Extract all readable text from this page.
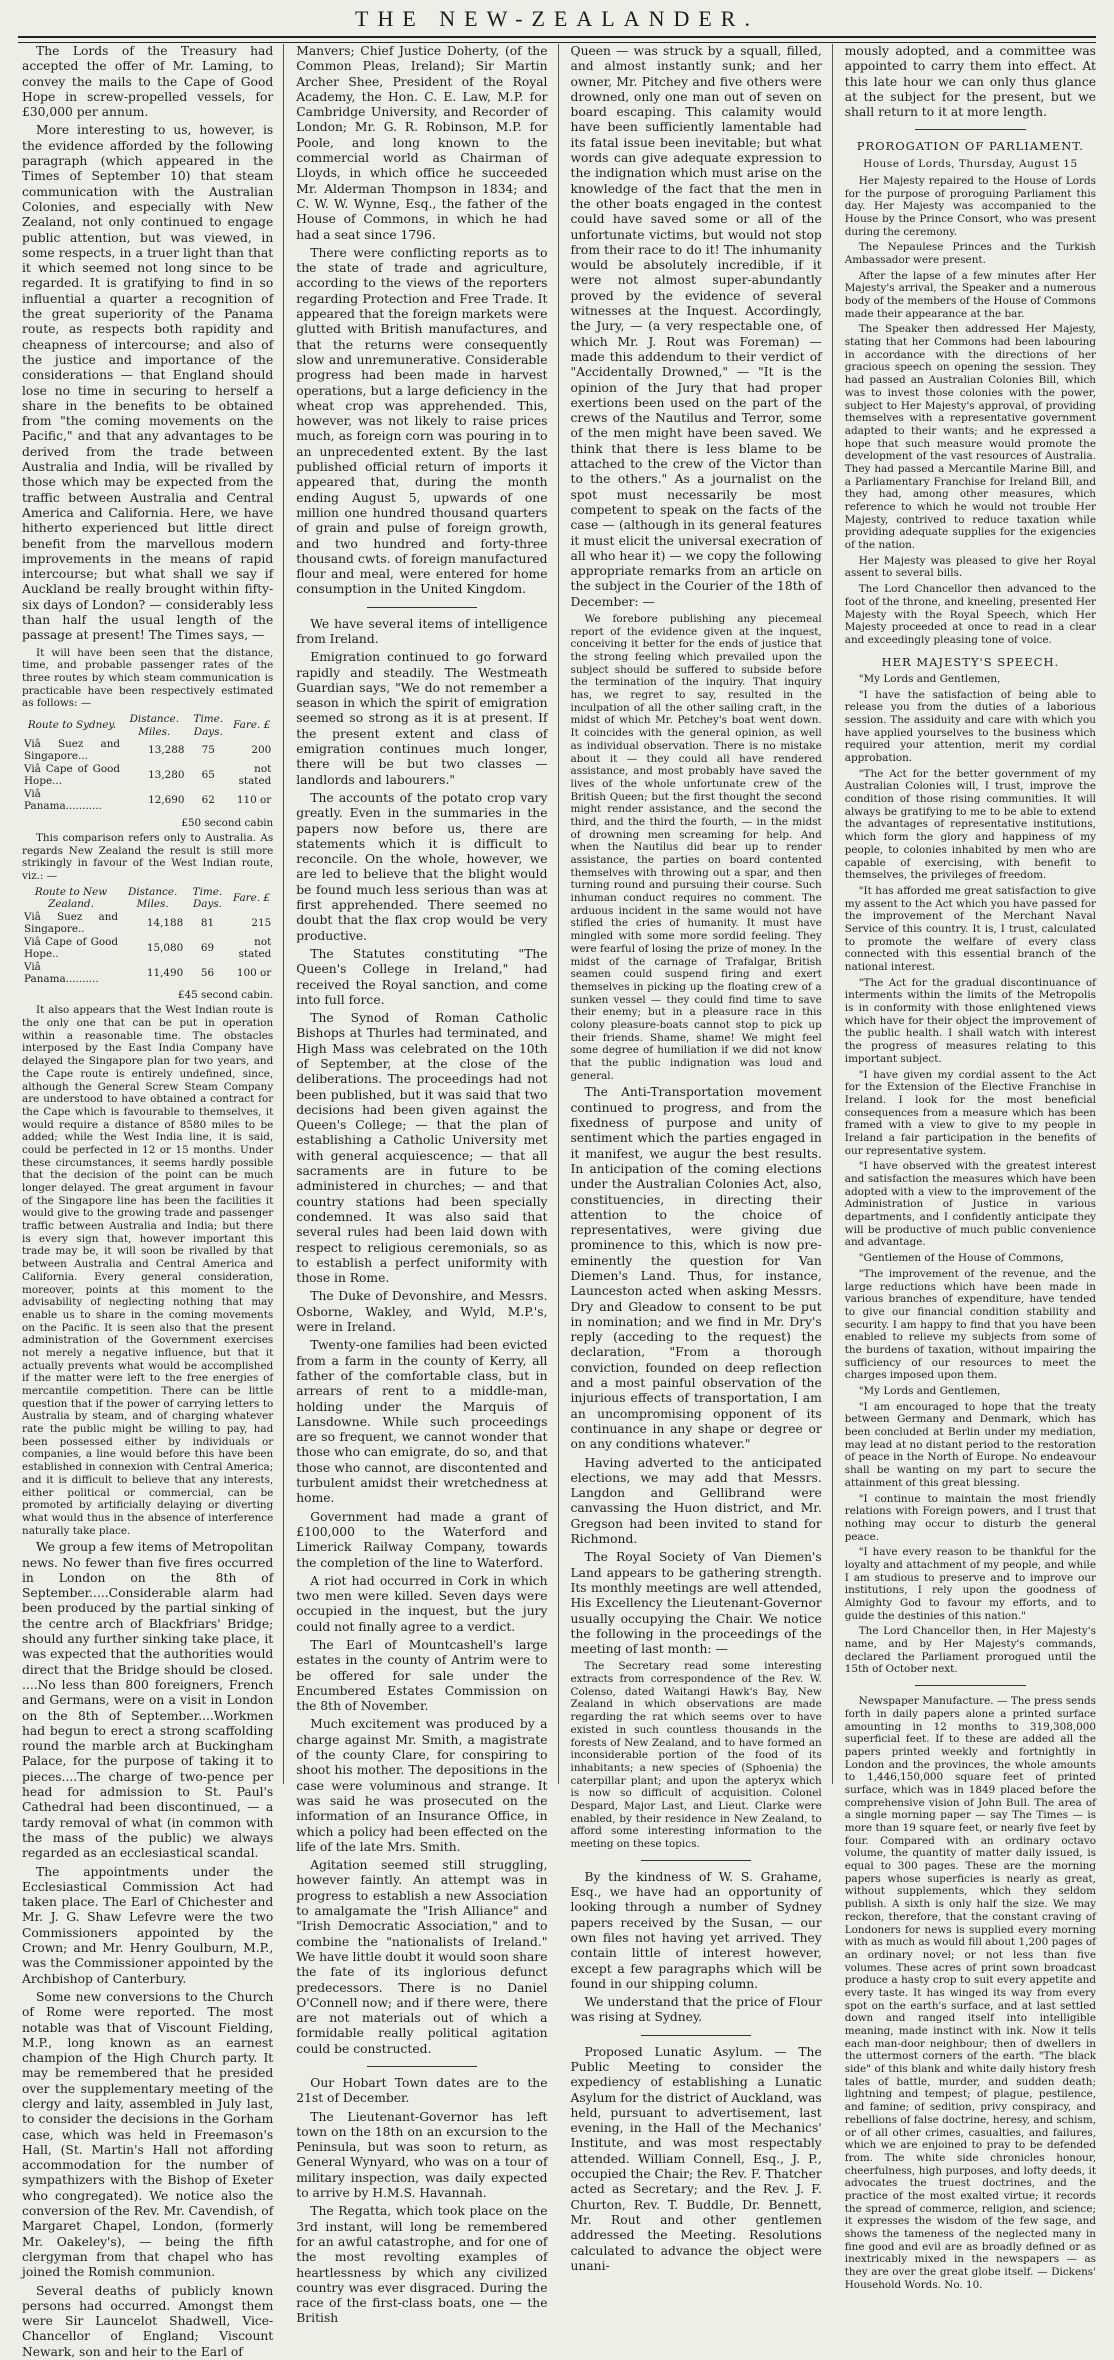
THE NEW-ZEALANDER.

The Lords of the Treasury had accepted the offer of Mr. Laming, to convey the mails to the Cape of Good Hope in screw-propelled vessels, for £30,000 per annum.

More interesting to us, however, is the evidence afforded by the following paragraph (which appeared in the Times of September 10) that steam communication with the Australian Colonies, and especially with New Zealand, not only continued to engage public attention, but was viewed, in some respects, in a truer light than that it which seemed not long since to be regarded. It is gratifying to find in so influential a quarter a recognition of the great superiority of the Panama route, as respects both rapidity and cheapness of intercourse; and also of the justice and importance of the considerations — that England should lose no time in securing to herself a share in the benefits to be obtained from "the coming movements on the Pacific," and that any advantages to be derived from the trade between Australia and India, will be rivalled by those which may be expected from the traffic between Australia and Central America and California. Here, we have hitherto experienced but little direct benefit from the marvellous modern improvements in the means of rapid intercourse; but what shall we say if Auckland be really brought within fifty-six days of London? — considerably less than half the usual length of the passage at present! The Times says, —

It will have been seen that the distance, time, and probable passenger rates of the three routes by which steam communication is practicable have been respectively estimated as follows: —

Route to Sydney.	Distance. Miles.	Time. Days.	Fare. £
Viâ Suez and Singapore...	13,288	75	200
Viâ Cape of Good Hope...	13,280	65	not stated
Viâ Panama...........	12,690	62	110 or
£50 second cabin

This comparison refers only to Australia. As regards New Zealand the result is still more strikingly in favour of the West Indian route, viz.: —

Route to New Zealand.	Distance. Miles.	Time. Days.	Fare. £
Viâ Suez and Singapore..	14,188	81	215
Viâ Cape of Good Hope..	15,080	69	not stated
Viâ Panama..........	11,490	56	100 or
£45 second cabin.

It also appears that the West Indian route is the only one that can be put in operation within a reasonable time. The obstacles interposed by the East India Company have delayed the Singapore plan for two years, and the Cape route is entirely undefined, since, although the General Screw Steam Company are understood to have obtained a contract for the Cape which is favourable to themselves, it would require a distance of 8580 miles to be added; while the West India line, it is said, could be perfected in 12 or 15 months. Under these circumstances, it seems hardly possible that the decision of the point can be much longer delayed. The great argument in favour of the Singapore line has been the facilities it would give to the growing trade and passenger traffic between Australia and India; but there is every sign that, however important this trade may be, it will soon be rivalled by that between Australia and Central America and California. Every general consideration, moreover, points at this moment to the advisability of neglecting nothing that may enable us to share in the coming movements on the Pacific. It is seen also that the present administration of the Government exercises not merely a negative influence, but that it actually prevents what would be accomplished if the matter were left to the free energies of mercantile competition. There can be little question that if the power of carrying letters to Australia by steam, and of charging whatever rate the public might be willing to pay, had been possessed either by individuals or companies, a line would before this have been established in connexion with Central America; and it is difficult to believe that any interests, either political or commercial, can be promoted by artificially delaying or diverting what would thus in the absence of interference naturally take place.

We group a few items of Metropolitan news. No fewer than five fires occurred in London on the 8th of September.....Considerable alarm had been produced by the partial sinking of the centre arch of Blackfriars' Bridge; should any further sinking take place, it was expected that the authorities would direct that the Bridge should be closed. ....No less than 800 foreigners, French and Germans, were on a visit in London on the 8th of September....Workmen had begun to erect a strong scaffolding round the marble arch at Buckingham Palace, for the purpose of taking it to pieces....The charge of two-pence per head for admission to St. Paul's Cathedral had been discontinued, — a tardy removal of what (in common with the mass of the public) we always regarded as an ecclesiastical scandal.

The appointments under the Ecclesiastical Commission Act had taken place. The Earl of Chichester and Mr. J. G. Shaw Lefevre were the two Commissioners appointed by the Crown; and Mr. Henry Goulburn, M.P., was the Commissioner appointed by the Archbishop of Canterbury.

Some new conversions to the Church of Rome were reported. The most notable was that of Viscount Fielding, M.P., long known as an earnest champion of the High Church party. It may be remembered that he presided over the supplementary meeting of the clergy and laity, assembled in July last, to consider the decisions in the Gorham case, which was held in Freemason's Hall, (St. Martin's Hall not affording accommodation for the number of sympathizers with the Bishop of Exeter who congregated). We notice also the conversion of the Rev. Mr. Cavendish, of Margaret Chapel, London, (formerly Mr. Oakeley's), — being the fifth clergyman from that chapel who has joined the Romish communion.

Several deaths of publicly known persons had occurred. Amongst them were Sir Launcelot Shadwell, Vice-Chancellor of England; Viscount Newark, son and heir to the Earl of

Manvers; Chief Justice Doherty, (of the Common Pleas, Ireland); Sir Martin Archer Shee, President of the Royal Academy, the Hon. C. E. Law, M.P. for Cambridge University, and Recorder of London; Mr. G. R. Robinson, M.P. for Poole, and long known to the commercial world as Chairman of Lloyds, in which office he succeeded Mr. Alderman Thompson in 1834; and C. W. W. Wynne, Esq., the father of the House of Commons, in which he had had a seat since 1796.

There were conflicting reports as to the state of trade and agriculture, according to the views of the reporters regarding Protection and Free Trade. It appeared that the foreign markets were glutted with British manufactures, and that the returns were consequently slow and unremunerative. Considerable progress had been made in harvest operations, but a large deficiency in the wheat crop was apprehended. This, however, was not likely to raise prices much, as foreign corn was pouring in to an unprecedented extent. By the last published official return of imports it appeared that, during the month ending August 5, upwards of one million one hundred thousand quarters of grain and pulse of foreign growth, and two hundred and forty-three thousand cwts. of foreign manufactured flour and meal, were entered for home consumption in the United Kingdom.

We have several items of intelligence from Ireland.

Emigration continued to go forward rapidly and steadily. The Westmeath Guardian says, "We do not remember a season in which the spirit of emigration seemed so strong as it is at present. If the present extent and class of emigration continues much longer, there will be but two classes — landlords and labourers."

The accounts of the potato crop vary greatly. Even in the summaries in the papers now before us, there are statements which it is difficult to reconcile. On the whole, however, we are led to believe that the blight would be found much less serious than was at first apprehended. There seemed no doubt that the flax crop would be very productive.

The Statutes constituting "The Queen's College in Ireland," had received the Royal sanction, and come into full force.

The Synod of Roman Catholic Bishops at Thurles had terminated, and High Mass was celebrated on the 10th of September, at the close of the deliberations. The proceedings had not been published, but it was said that two decisions had been given against the Queen's College; — that the plan of establishing a Catholic University met with general acquiescence; — that all sacraments are in future to be administered in churches; — and that country stations had been specially condemned. It was also said that several rules had been laid down with respect to religious ceremonials, so as to establish a perfect uniformity with those in Rome.

The Duke of Devonshire, and Messrs. Osborne, Wakley, and Wyld, M.P.'s, were in Ireland.

Twenty-one families had been evicted from a farm in the county of Kerry, all father of the comfortable class, but in arrears of rent to a middle-man, holding under the Marquis of Lansdowne. While such proceedings are so frequent, we cannot wonder that those who can emigrate, do so, and that those who cannot, are discontented and turbulent amidst their wretchedness at home.

Government had made a grant of £100,000 to the Waterford and Limerick Railway Company, towards the completion of the line to Waterford.

A riot had occurred in Cork in which two men were killed. Seven days were occupied in the inquest, but the jury could not finally agree to a verdict.

The Earl of Mountcashell's large estates in the county of Antrim were to be offered for sale under the Encumbered Estates Commission on the 8th of November.

Much excitement was produced by a charge against Mr. Smith, a magistrate of the county Clare, for conspiring to shoot his mother. The depositions in the case were voluminous and strange. It was said he was prosecuted on the information of an Insurance Office, in which a policy had been effected on the life of the late Mrs. Smith.

Agitation seemed still struggling, however faintly. An attempt was in progress to establish a new Association to amalgamate the "Irish Alliance" and "Irish Democratic Association," and to combine the "nationalists of Ireland." We have little doubt it would soon share the fate of its inglorious defunct predecessors. There is no Daniel O'Connell now; and if there were, there are not materials out of which a formidable really political agitation could be constructed.

Our Hobart Town dates are to the 21st of December.

The Lieutenant-Governor has left town on the 18th on an excursion to the Peninsula, but was soon to return, as General Wynyard, who was on a tour of military inspection, was daily expected to arrive by H.M.S. Havannah.

The Regatta, which took place on the 3rd instant, will long be remembered for an awful catastrophe, and for one of the most revolting examples of heartlessness by which any civilized country was ever disgraced. During the race of the first-class boats, one — the British

Queen — was struck by a squall, filled, and almost instantly sunk; and her owner, Mr. Pitchey and five others were drowned, only one man out of seven on board escaping. This calamity would have been sufficiently lamentable had its fatal issue been inevitable; but what words can give adequate expression to the indignation which must arise on the knowledge of the fact that the men in the other boats engaged in the contest could have saved some or all of the unfortunate victims, but would not stop from their race to do it! The inhumanity would be absolutely incredible, if it were not almost super-abundantly proved by the evidence of several witnesses at the Inquest. Accordingly, the Jury, — (a very respectable one, of which Mr. J. Rout was Foreman) — made this addendum to their verdict of "Accidentally Drowned," — "It is the opinion of the Jury that had proper exertions been used on the part of the crews of the Nautilus and Terror, some of the men might have been saved. We think that there is less blame to be attached to the crew of the Victor than to the others." As a journalist on the spot must necessarily be most competent to speak on the facts of the case — (although in its general features it must elicit the universal execration of all who hear it) — we copy the following appropriate remarks from an article on the subject in the Courier of the 18th of December: —

We forebore publishing any piecemeal report of the evidence given at the inquest, conceiving it better for the ends of justice that the strong feeling which prevailed upon the subject should be suffered to subside before the termination of the inquiry. That inquiry has, we regret to say, resulted in the inculpation of all the other sailing craft, in the midst of which Mr. Petchey's boat went down. It coincides with the general opinion, as well as individual observation. There is no mistake about it — they could all have rendered assistance, and most probably have saved the lives of the whole unfortunate crew of the British Queen; but the first thought the second might render assistance, and the second the third, and the third the fourth, — in the midst of drowning men screaming for help. And when the Nautilus did bear up to render assistance, the parties on board contented themselves with throwing out a spar, and then turning round and pursuing their course. Such inhuman conduct requires no comment. The arduous incident in the same would not have stifled the cries of humanity. It must have mingled with some more sordid feeling. They were fearful of losing the prize of money. In the midst of the carnage of Trafalgar, British seamen could suspend firing and exert themselves in picking up the floating crew of a sunken vessel — they could find time to save their enemy; but in a pleasure race in this colony pleasure-boats cannot stop to pick up their friends. Shame, shame! We might feel some degree of humiliation if we did not know that the public indignation was loud and general.

The Anti-Transportation movement continued to progress, and from the fixedness of purpose and unity of sentiment which the parties engaged in it manifest, we augur the best results. In anticipation of the coming elections under the Australian Colonies Act, also, constituencies, in directing their attention to the choice of representatives, were giving due prominence to this, which is now pre-eminently the question for Van Diemen's Land. Thus, for instance, Launceston acted when asking Messrs. Dry and Gleadow to consent to be put in nomination; and we find in Mr. Dry's reply (acceding to the request) the declaration, "From a thorough conviction, founded on deep reflection and a most painful observation of the injurious effects of transportation, I am an uncompromising opponent of its continuance in any shape or degree or on any conditions whatever."

Having adverted to the anticipated elections, we may add that Messrs. Langdon and Gellibrand were canvassing the Huon district, and Mr. Gregson had been invited to stand for Richmond.

The Royal Society of Van Diemen's Land appears to be gathering strength. Its monthly meetings are well attended, His Excellency the Lieutenant-Governor usually occupying the Chair. We notice the following in the proceedings of the meeting of last month: —

The Secretary read some interesting extracts from correspondence of the Rev. W. Colenso, dated Waitangi Hawk's Bay, New Zealand in which observations are made regarding the rat which seems over to have existed in such countless thousands in the forests of New Zealand, and to have formed an inconsiderable portion of the food of its inhabitants; a new species of (Sphoenia) the caterpillar plant; and upon the apteryx which is now so difficult of acquisition. Colonel Despard, Major Last, and Lieut. Clarke were enabled, by their residence in New Zealand, to afford some interesting information to the meeting on these topics.

By the kindness of W. S. Grahame, Esq., we have had an opportunity of looking through a number of Sydney papers received by the Susan, — our own files not having yet arrived. They contain little of interest however, except a few paragraphs which will be found in our shipping column.

We understand that the price of Flour was rising at Sydney.

Proposed Lunatic Asylum. — The Public Meeting to consider the expediency of establishing a Lunatic Asylum for the district of Auckland, was held, pursuant to advertisement, last evening, in the Hall of the Mechanics' Institute, and was most respectably attended. William Connell, Esq., J. P., occupied the Chair; the Rev. F. Thatcher acted as Secretary; and the Rev. J. F. Churton, Rev. T. Buddle, Dr. Bennett, Mr. Rout and other gentlemen addressed the Meeting. Resolutions calculated to advance the object were unani-

mously adopted, and a committee was appointed to carry them into effect. At this late hour we can only thus glance at the subject for the present, but we shall return to it at more length.

PROROGATION OF PARLIAMENT.
House of Lords, Thursday, August 15

Her Majesty repaired to the House of Lords for the purpose of proroguing Parliament this day. Her Majesty was accompanied to the House by the Prince Consort, who was present during the ceremony.

The Nepaulese Princes and the Turkish Ambassador were present.

After the lapse of a few minutes after Her Majesty's arrival, the Speaker and a numerous body of the members of the House of Commons made their appearance at the bar.

The Speaker then addressed Her Majesty, stating that her Commons had been labouring in accordance with the directions of her gracious speech on opening the session. They had passed an Australian Colonies Bill, which was to invest those colonies with the power, subject to Her Majesty's approval, of providing themselves with a representative government adapted to their wants; and he expressed a hope that such measure would promote the development of the vast resources of Australia. They had passed a Mercantile Marine Bill, and a Parliamentary Franchise for Ireland Bill, and they had, among other measures, which reference to which he would not trouble Her Majesty, contrived to reduce taxation while providing adequate supplies for the exigencies of the nation.

Her Majesty was pleased to give her Royal assent to several bills.

The Lord Chancellor then advanced to the foot of the throne, and kneeling, presented Her Majesty with the Royal Speech, which Her Majesty proceeded at once to read in a clear and exceedingly pleasing tone of voice.

HER MAJESTY'S SPEECH.

"My Lords and Gentlemen,

"I have the satisfaction of being able to release you from the duties of a laborious session. The assiduity and care with which you have applied yourselves to the business which required your attention, merit my cordial approbation.

"The Act for the better government of my Australian Colonies will, I trust, improve the condition of those rising communities. It will always be gratifying to me to be able to extend the advantages of representative institutions, which form the glory and happiness of my people, to colonies inhabited by men who are capable of exercising, with benefit to themselves, the privileges of freedom.

"It has afforded me great satisfaction to give my assent to the Act which you have passed for the improvement of the Merchant Naval Service of this country. It is, I trust, calculated to promote the welfare of every class connected with this essential branch of the national interest.

"The Act for the gradual discontinuance of interments within the limits of the Metropolis is in conformity with those enlightened views which have for their object the improvement of the public health. I shall watch with interest the progress of measures relating to this important subject.

"I have given my cordial assent to the Act for the Extension of the Elective Franchise in Ireland. I look for the most beneficial consequences from a measure which has been framed with a view to give to my people in Ireland a fair participation in the benefits of our representative system.

"I have observed with the greatest interest and satisfaction the measures which have been adopted with a view to the improvement of the Administration of Justice in various departments, and I confidently anticipate they will be productive of much public convenience and advantage.

"Gentlemen of the House of Commons,

"The improvement of the revenue, and the large reductions which have been made in various branches of expenditure, have tended to give our financial condition stability and security. I am happy to find that you have been enabled to relieve my subjects from some of the burdens of taxation, without impairing the sufficiency of our resources to meet the charges imposed upon them.

"My Lords and Gentlemen,

"I am encouraged to hope that the treaty between Germany and Denmark, which has been concluded at Berlin under my mediation, may lead at no distant period to the restoration of peace in the North of Europe. No endeavour shall be wanting on my part to secure the attainment of this great blessing.

"I continue to maintain the most friendly relations with Foreign powers, and I trust that nothing may occur to disturb the general peace.

"I have every reason to be thankful for the loyalty and attachment of my people, and while I am studious to preserve and to improve our institutions, I rely upon the goodness of Almighty God to favour my efforts, and to guide the destinies of this nation."

The Lord Chancellor then, in Her Majesty's name, and by Her Majesty's commands, declared the Parliament prorogued until the 15th of October next.

Newspaper Manufacture. — The press sends forth in daily papers alone a printed surface amounting in 12 months to 319,308,000 superficial feet. If to these are added all the papers printed weekly and fortnightly in London and the provinces, the whole amounts to 1,446,150,000 square feet of printed surface, which was in 1849 placed before the comprehensive vision of John Bull. The area of a single morning paper — say The Times — is more than 19 square feet, or nearly five feet by four. Compared with an ordinary octavo volume, the quantity of matter daily issued, is equal to 300 pages. These are the morning papers whose superficies is nearly as great, without supplements, which they seldom publish. A sixth is only half the size. We may reckon, therefore, that the constant craving of Londoners for news is supplied every morning with as much as would fill about 1,200 pages of an ordinary novel; or not less than five volumes. These acres of print sown broadcast produce a hasty crop to suit every appetite and every taste. It has winged its way from every spot on the earth's surface, and at last settled down and ranged itself into intelligible meaning, made instinct with ink. Now it tells each man-door neighbour; then of dwellers in the uttermost corners of the earth. "The black side" of this blank and white daily history fresh tales of battle, murder, and sudden death; lightning and tempest; of plague, pestilence, and famine; of sedition, privy conspiracy, and rebellions of false doctrine, heresy, and schism, or of all other crimes, casualties, and failures, which we are enjoined to pray to be defended from. The white side chronicles honour, cheerfulness, high purposes, and lofty deeds, it advocates the truest doctrines, and the practice of the most exalted virtue; it records the spread of commerce, religion, and science; it expresses the wisdom of the few sage, and shows the tameness of the neglected many in fine good and evil are as broadly defined or as inextricably mixed in the newspapers — as they are over the great globe itself. — Dickens' Household Words. No. 10.
